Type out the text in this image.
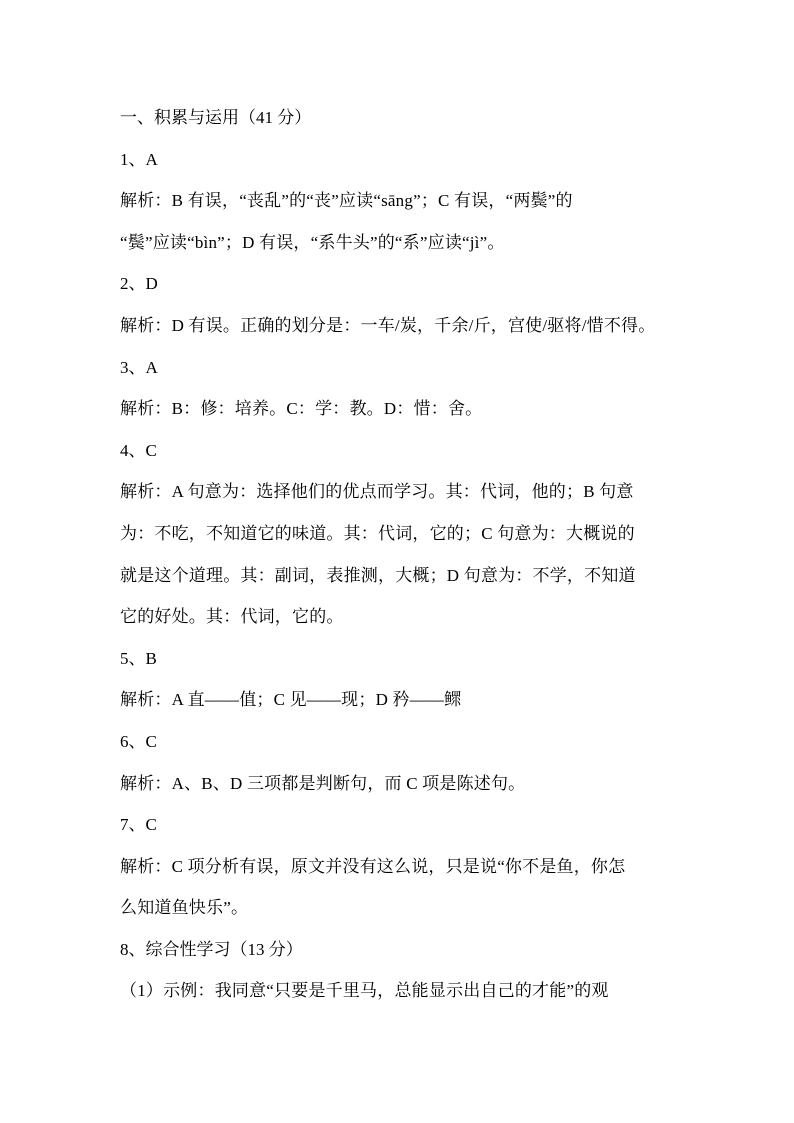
一、积累与运用（41 分）

1、A

解析：B 有误，“丧乱”的“丧”应读“sāng”；C 有误，“两鬓”的

“鬓”应读“bìn”；D 有误，“系牛头”的“系”应读“jì”。

2、D

解析：D 有误。正确的划分是：一车/炭，千余/斤，宫使/驱将/惜不得。

3、A

解析：B：修：培养。C：学：教。D：惜：舍。

4、C

解析：A 句意为：选择他们的优点而学习。其：代词，他的；B 句意

为：不吃，不知道它的味道。其：代词，它的；C 句意为：大概说的

就是这个道理。其：副词，表推测，大概；D 句意为：不学，不知道

它的好处。其：代词，它的。

5、B

解析：A 直——值；C 见——现；D 矜——鳏

6、C

解析：A、B、D 三项都是判断句，而 C 项是陈述句。

7、C

解析：C 项分析有误，原文并没有这么说，只是说“你不是鱼，你怎

么知道鱼快乐”。

8、综合性学习（13 分）

（1）示例：我同意“只要是千里马，总能显示出自己的才能”的观
